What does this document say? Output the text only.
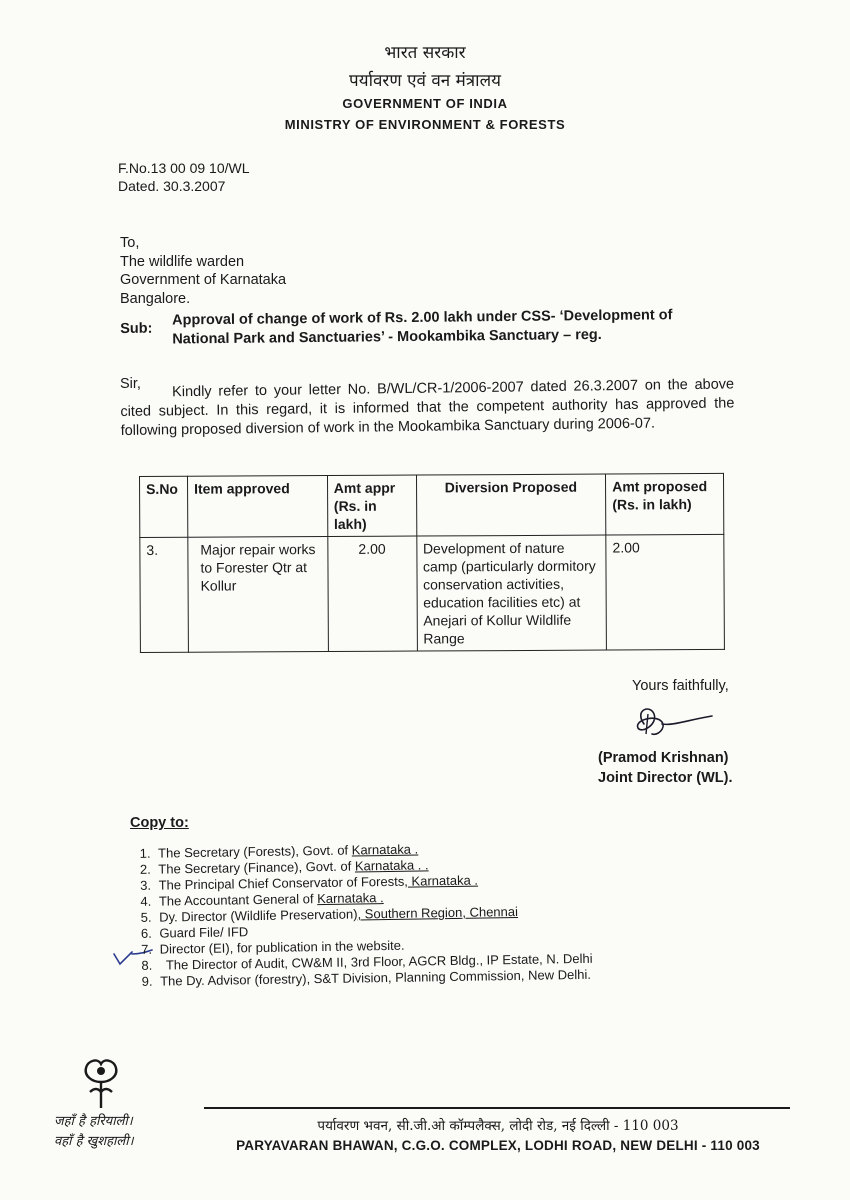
भारत सरकार
पर्यावरण एवं वन मंत्रालय
GOVERNMENT OF INDIA
MINISTRY OF ENVIRONMENT & FORESTS
F.No.13 00 09 10/WL
Dated. 30.3.2007
To,
The wildlife warden
Government of Karnataka
Bangalore.
Sub:
Approval of change of work of Rs. 2.00 lakh under CSS- ‘Development of National Park and Sanctuaries’ - Mookambika Sanctuary – reg.
Sir,	Kindly refer to your letter No. B/WL/CR-1/2006-2007 dated 26.3.2007 on the above cited subject. In this regard, it is informed that the competent authority has approved the following proposed diversion of work in the Mookambika Sanctuary during 2006-07.
S.No	Item approved	Amt appr (Rs. in lakh)	Diversion Proposed	Amt proposed (Rs. in lakh)
3.	Major repair works to Forester Qtr at Kollur	2.00	Development of nature camp (particularly dormitory conservation activities, education facilities etc) at Anejari of Kollur Wildlife Range	2.00
Yours faithfully,
(Pramod Krishnan)
Joint Director (WL).
Copy to:
1. The Secretary (Forests), Govt. of Karnataka .
2. The Secretary (Finance), Govt. of Karnataka . .
3. The Principal Chief Conservator of Forests, Karnataka .
4. The Accountant General of Karnataka .
5. Dy. Director (Wildlife Preservation), Southern Region, Chennai
6. Guard File/ IFD
7. Director (EI), for publication in the website.
8. The Director of Audit, CW&M II, 3rd Floor, AGCR Bldg., IP Estate, N. Delhi
9. The Dy. Advisor (forestry), S&T Division, Planning Commission, New Delhi.
जहाँ है हरियाली।
वहाँ है खुशहाली।
पर्यावरण भवन, सी.जी.ओ कॉम्पलैक्स, लोदी रोड, नई दिल्ली - 110 003
PARYAVARAN BHAWAN, C.G.O. COMPLEX, LODHI ROAD, NEW DELHI - 110 003
